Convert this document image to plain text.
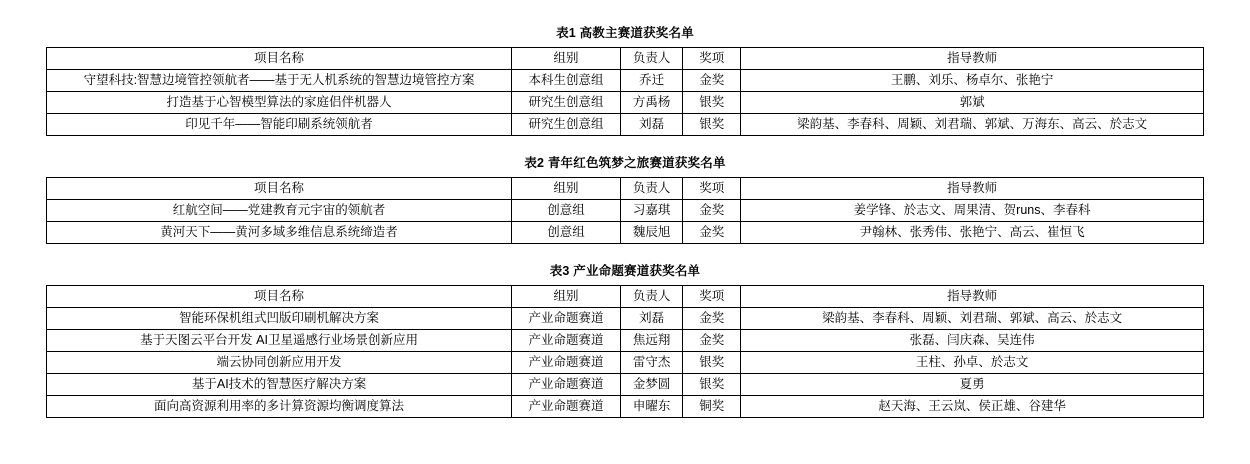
表1 高教主赛道获奖名单
项目名称	组别	负责人	奖项	指导教师
守望科技:智慧边境管控领航者——基于无人机系统的智慧边境管控方案	本科生创意组	乔迁	金奖	王鹏、刘乐、杨卓尔、张艳宁
打造基于心智模型算法的家庭侣伴机器人	研究生创意组	方禹杨	银奖	郭斌
印见千年——智能印刷系统领航者	研究生创意组	刘磊	银奖	梁韵基、李春科、周颖、刘君瑞、郭斌、万海东、高云、於志文
表2 青年红色筑梦之旅赛道获奖名单
项目名称	组别	负责人	奖项	指导教师
红航空间——党建教育元宇宙的领航者	创意组	习嘉琪	金奖	姜学锋、於志文、周果清、贺runs、李春科
黄河天下——黄河多域多维信息系统缔造者	创意组	魏辰旭	金奖	尹翰林、张秀伟、张艳宁、高云、崔恒飞
表3 产业命题赛道获奖名单
项目名称	组别	负责人	奖项	指导教师
智能环保机组式凹版印刷机解决方案	产业命题赛道	刘磊	金奖	梁韵基、李春科、周颖、刘君瑞、郭斌、高云、於志文
基于天图云平台开发 AI卫星遥感行业场景创新应用	产业命题赛道	焦远翔	金奖	张磊、闫庆森、吴连伟
端云协同创新应用开发	产业命题赛道	雷守杰	银奖	王柱、孙卓、於志文
基于AI技术的智慧医疗解决方案	产业命题赛道	金梦圆	银奖	夏勇
面向高资源利用率的多计算资源均衡调度算法	产业命题赛道	申曜东	铜奖	赵天海、王云岚、侯正雄、谷建华
